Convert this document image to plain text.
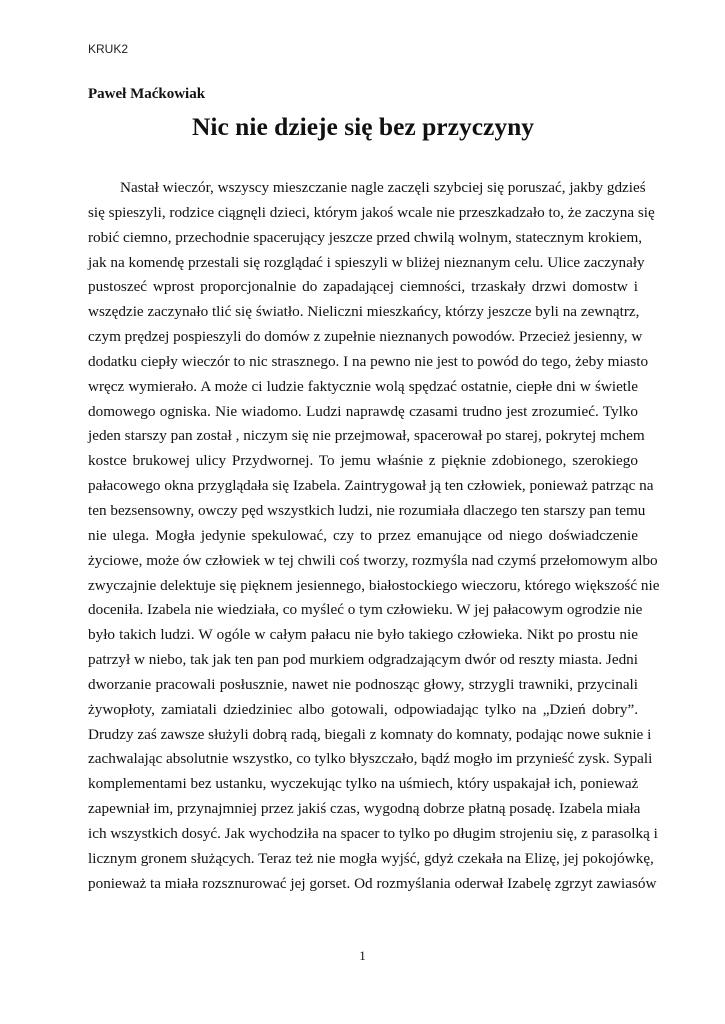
KRUK2
Paweł Maćkowiak
Nic nie dzieje się bez przyczyny
Nastał wieczór, wszyscy mieszczanie nagle zaczęli szybciej się poruszać, jakby gdzieś
się spieszyli, rodzice ciągnęli dzieci, którym jakoś wcale nie przeszkadzało to, że zaczyna się
robić ciemno, przechodnie spacerujący jeszcze przed chwilą wolnym, statecznym krokiem,
jak na komendę przestali się rozglądać i spieszyli w bliżej nieznanym celu. Ulice zaczynały
pustoszeć wprost proporcjonalnie do zapadającej ciemności, trzaskały drzwi domostw i
wszędzie zaczynało tlić się światło. Nieliczni mieszkańcy, którzy jeszcze byli na zewnątrz,
czym prędzej pospieszyli do domów z zupełnie nieznanych powodów. Przecież jesienny, w
dodatku ciepły wieczór to nic strasznego. I na pewno nie jest to powód do tego, żeby miasto
wręcz wymierało. A może ci ludzie faktycznie wolą spędzać ostatnie, ciepłe dni w świetle
domowego ogniska. Nie wiadomo. Ludzi naprawdę czasami trudno jest zrozumieć. Tylko
jeden starszy pan został , niczym się nie przejmował, spacerował po starej, pokrytej mchem
kostce brukowej ulicy Przydwornej. To jemu właśnie z pięknie zdobionego, szerokiego
pałacowego okna przyglądała się Izabela. Zaintrygował ją ten człowiek, ponieważ patrząc na
ten bezsensowny, owczy pęd wszystkich ludzi, nie rozumiała dlaczego ten starszy pan temu
nie ulega. Mogła jedynie spekulować, czy to przez emanujące od niego doświadczenie
życiowe, może ów człowiek w tej chwili coś tworzy, rozmyśla nad czymś przełomowym albo
zwyczajnie delektuje się pięknem jesiennego, białostockiego wieczoru, którego większość nie
doceniła. Izabela nie wiedziała, co myśleć o tym człowieku. W jej pałacowym ogrodzie nie
było takich ludzi. W ogóle w całym pałacu nie było takiego człowieka. Nikt po prostu nie
patrzył w niebo, tak jak ten pan pod murkiem odgradzającym dwór od reszty miasta. Jedni
dworzanie pracowali posłusznie, nawet nie podnosząc głowy, strzygli trawniki, przycinali
żywopłoty, zamiatali dziedziniec albo gotowali, odpowiadając tylko na „Dzień dobry”.
Drudzy zaś zawsze służyli dobrą radą, biegali z komnaty do komnaty, podając nowe suknie i
zachwalając absolutnie wszystko, co tylko błyszczało, bądź mogło im przynieść zysk. Sypali
komplementami bez ustanku, wyczekując tylko na uśmiech, który uspakajał ich, ponieważ
zapewniał im, przynajmniej przez jakiś czas, wygodną dobrze płatną posadę. Izabela miała
ich wszystkich dosyć. Jak wychodziła na spacer to tylko po długim strojeniu się, z parasolką i
licznym gronem służących. Teraz też nie mogła wyjść, gdyż czekała na Elizę, jej pokojówkę,
ponieważ ta miała rozsznurować jej gorset. Od rozmyślania oderwał Izabelę zgrzyt zawiasów
1
